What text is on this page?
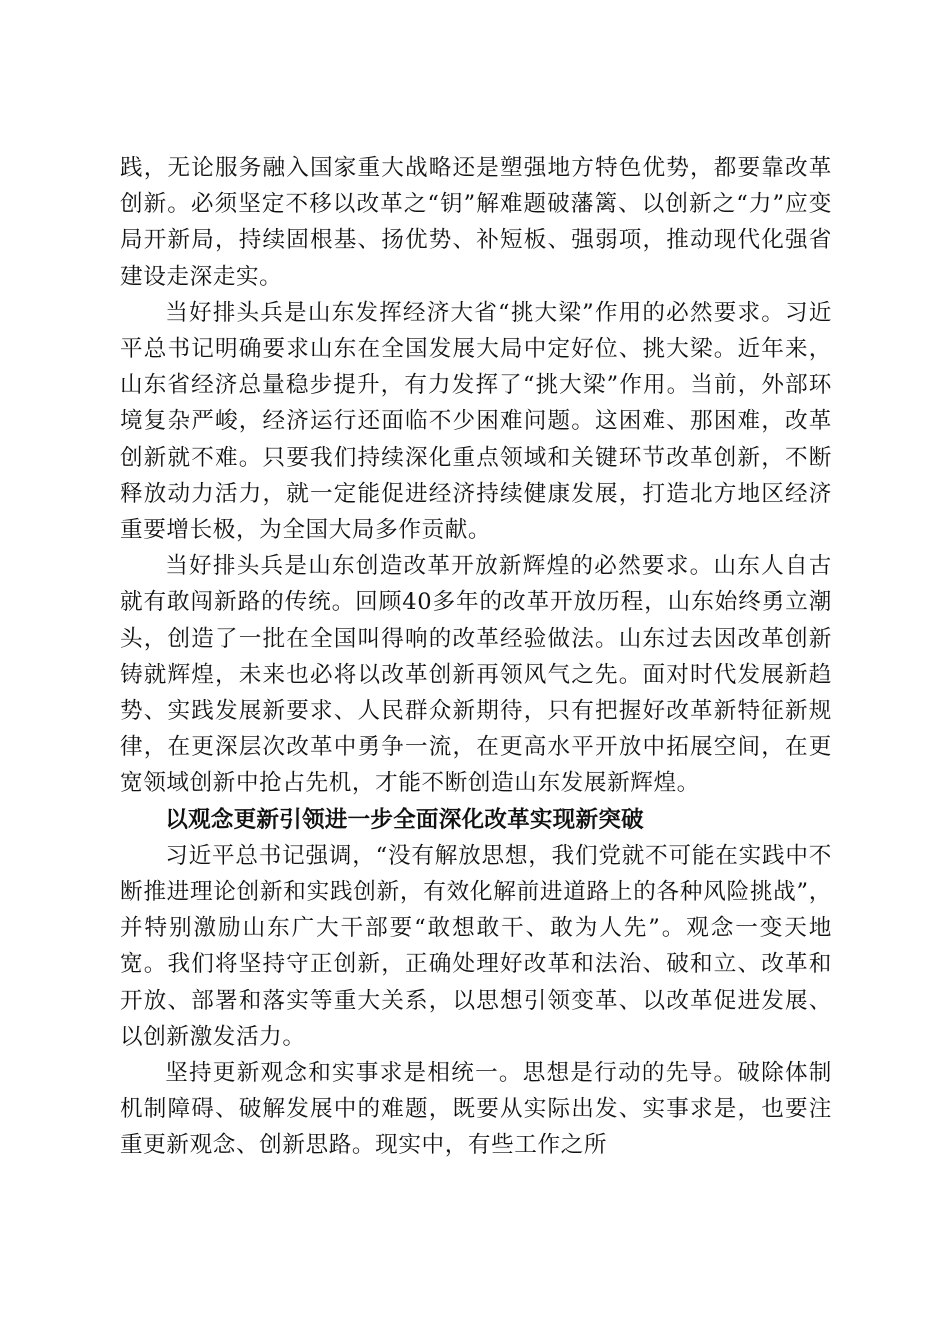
践，无论服务融入国家重大战略还是塑强地方特色优势，都要靠改革创新。必须坚定不移以改革之“钥”解难题破藩篱、以创新之“力”应变局开新局，持续固根基、扬优势、补短板、强弱项，推动现代化强省建设走深走实。

当好排头兵是山东发挥经济大省“挑大梁”作用的必然要求。习近平总书记明确要求山东在全国发展大局中定好位、挑大梁。近年来，山东省经济总量稳步提升，有力发挥了“挑大梁”作用。当前，外部环境复杂严峻，经济运行还面临不少困难问题。这困难、那困难，改革创新就不难。只要我们持续深化重点领域和关键环节改革创新，不断释放动力活力，就一定能促进经济持续健康发展，打造北方地区经济重要增长极，为全国大局多作贡献。

当好排头兵是山东创造改革开放新辉煌的必然要求。山东人自古就有敢闯新路的传统。回顾40多年的改革开放历程，山东始终勇立潮头，创造了一批在全国叫得响的改革经验做法。山东过去因改革创新铸就辉煌，未来也必将以改革创新再领风气之先。面对时代发展新趋势、实践发展新要求、人民群众新期待，只有把握好改革新特征新规律，在更深层次改革中勇争一流，在更高水平开放中拓展空间，在更宽领域创新中抢占先机，才能不断创造山东发展新辉煌。

以观念更新引领进一步全面深化改革实现新突破

习近平总书记强调，“没有解放思想，我们党就不可能在实践中不断推进理论创新和实践创新，有效化解前进道路上的各种风险挑战”，并特别激励山东广大干部要“敢想敢干、敢为人先”。观念一变天地宽。我们将坚持守正创新，正确处理好改革和法治、破和立、改革和开放、部署和落实等重大关系，以思想引领变革、以改革促进发展、以创新激发活力。

坚持更新观念和实事求是相统一。思想是行动的先导。破除体制机制障碍、破解发展中的难题，既要从实际出发、实事求是，也要注重更新观念、创新思路。现实中，有些工作之所
